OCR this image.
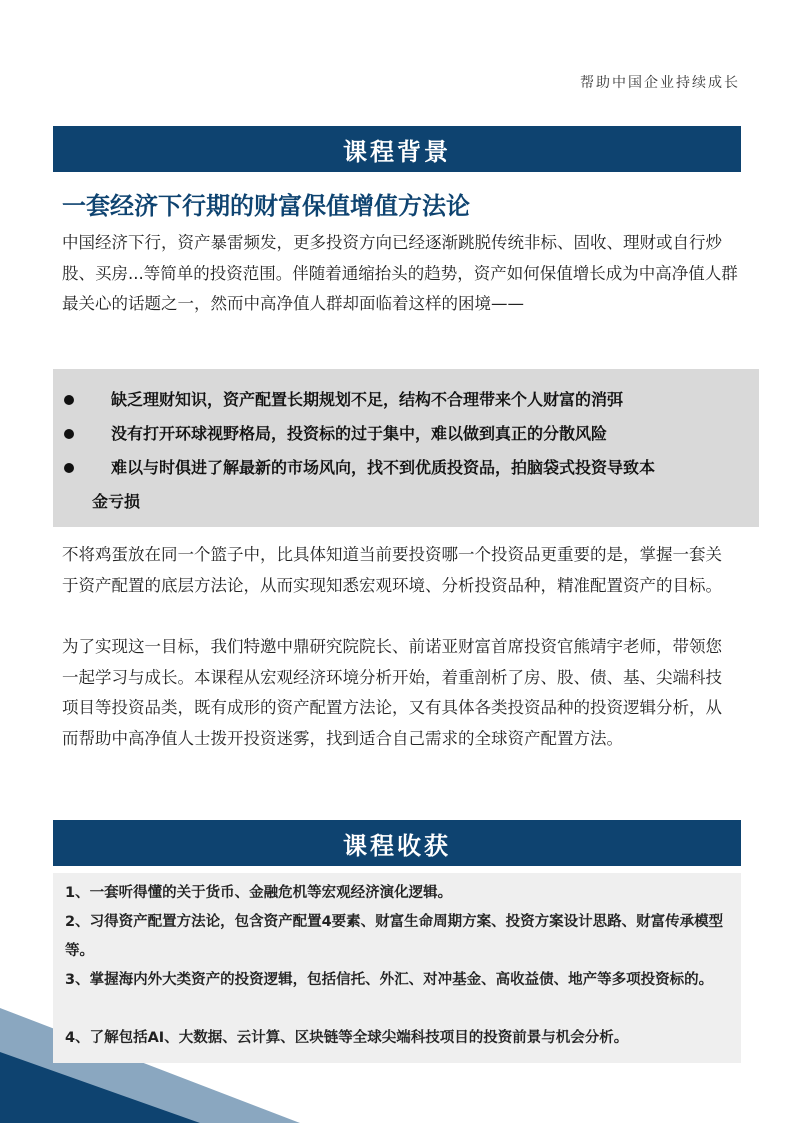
帮助中国企业持续成长
课程背景
一套经济下行期的财富保值增值方法论
中国经济下行，资产暴雷频发，更多投资方向已经逐渐跳脱传统非标、固收、理财或自行炒股、买房...等简单的投资范围。伴随着通缩抬头的趋势，资产如何保值增长成为中高净值人群最关心的话题之一，然而中高净值人群却面临着这样的困境——
缺乏理财知识，资产配置长期规划不足，结构不合理带来个人财富的消弭
没有打开环球视野格局，投资标的过于集中，难以做到真正的分散风险
难以与时俱进了解最新的市场风向，找不到优质投资品，拍脑袋式投资导致本
金亏损
不将鸡蛋放在同一个篮子中，比具体知道当前要投资哪一个投资品更重要的是，掌握一套关于资产配置的底层方法论，从而实现知悉宏观环境、分析投资品种，精准配置资产的目标。
为了实现这一目标，我们特邀中鼎研究院院长、前诺亚财富首席投资官熊靖宇老师，带领您一起学习与成长。本课程从宏观经济环境分析开始，着重剖析了房、股、债、基、尖端科技项目等投资品类，既有成形的资产配置方法论，又有具体各类投资品种的投资逻辑分析，从而帮助中高净值人士拨开投资迷雾，找到适合自己需求的全球资产配置方法。
课程收获
1、一套听得懂的关于货币、金融危机等宏观经济演化逻辑。
2、习得资产配置方法论，包含资产配置4要素、财富生命周期方案、投资方案设计思路、财富传承模型等。
3、掌握海内外大类资产的投资逻辑，包括信托、外汇、对冲基金、高收益债、地产等多项投资标的。
4、了解包括AI、大数据、云计算、区块链等全球尖端科技项目的投资前景与机会分析。
